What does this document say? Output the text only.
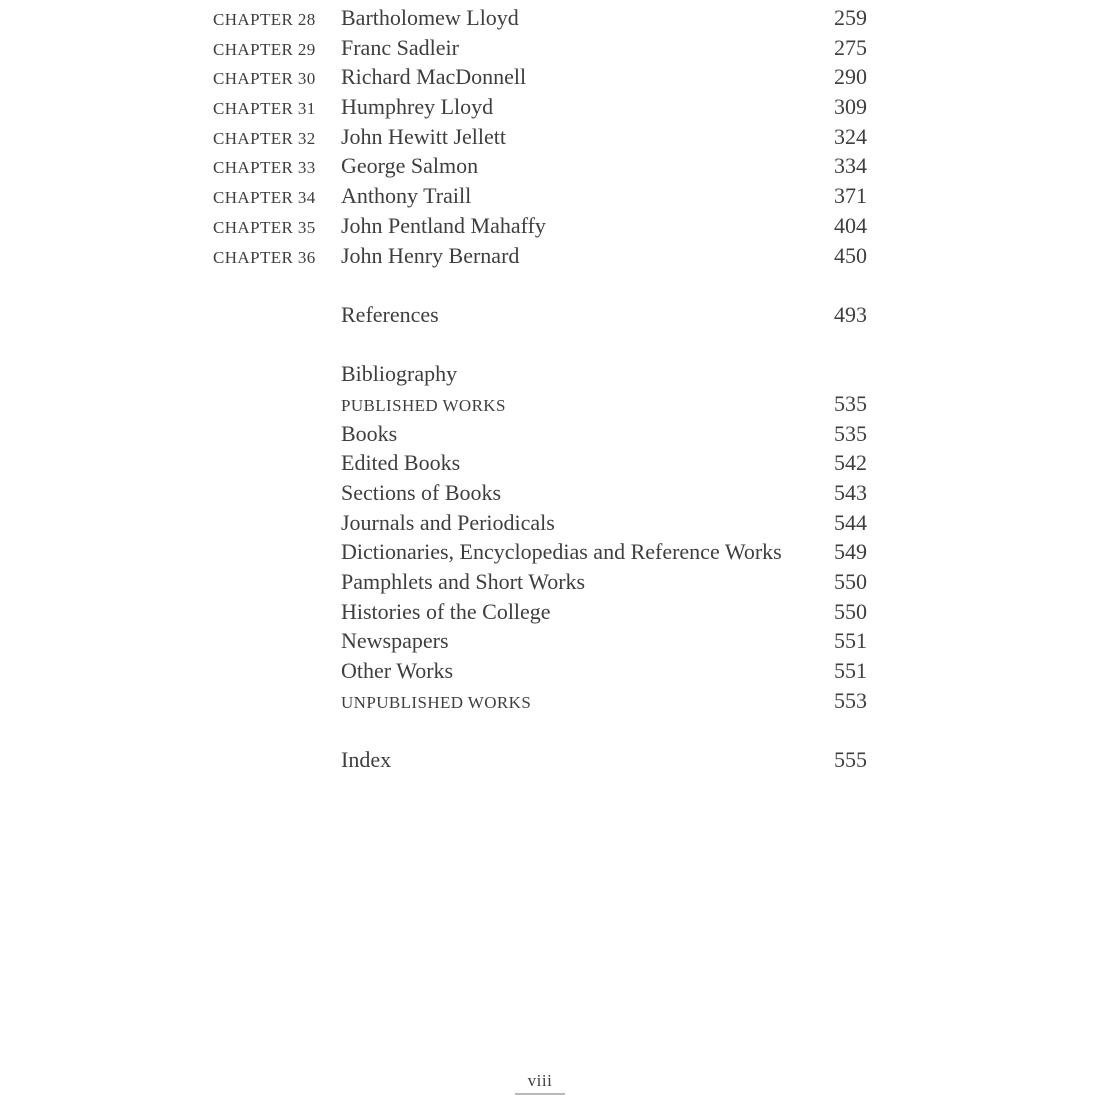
CHAPTER 28	Bartholomew Lloyd	259
CHAPTER 29	Franc Sadleir	275
CHAPTER 30	Richard MacDonnell	290
CHAPTER 31	Humphrey Lloyd	309
CHAPTER 32	John Hewitt Jellett	324
CHAPTER 33	George Salmon	334
CHAPTER 34	Anthony Traill	371
CHAPTER 35	John Pentland Mahaffy	404
CHAPTER 36	John Henry Bernard	450
References	493
Bibliography
PUBLISHED WORKS	535
Books	535
Edited Books	542
Sections of Books	543
Journals and Periodicals	544
Dictionaries, Encyclopedias and Reference Works	549
Pamphlets and Short Works	550
Histories of the College	550
Newspapers	551
Other Works	551
UNPUBLISHED WORKS	553
Index	555
viii
